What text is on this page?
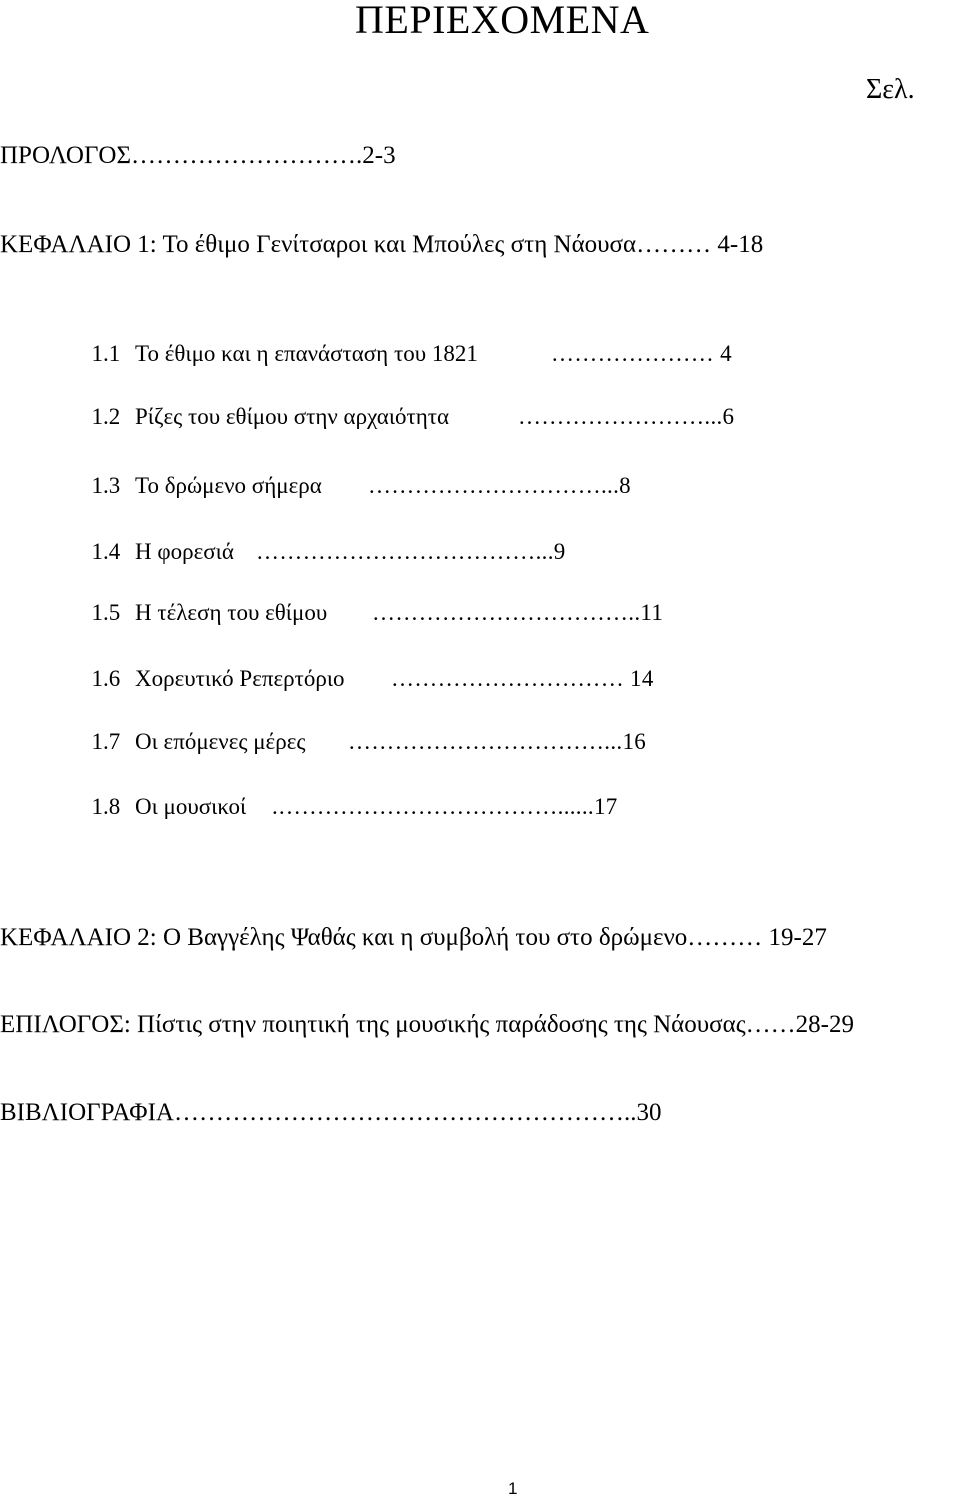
ΠΕΡΙΕΧΟΜΕΝΑ
Σελ.
ΠΡΟΛΟΓΟΣ……………………….2-3
ΚΕΦΑΛΑΙΟ 1: Το έθιμο Γενίτσαροι και Μπούλες στη Νάουσα……… 4-18

1.1 Το έθιμο και η επανάσταση του 1821	………………… 4

1.2 Ρίζες του εθίμου στην αρχαιότητα	……………………...6

1.3 Το δρώμενο σήμερα …………………………...8

1.4 Η φορεσιά ………………………………...9

1.5 Η τέλεση του εθίμου ……………………………..11

1.6 Χορευτικό Ρεπερτόριο ………………………… 14

1.7 Οι επόμενες μέρες ……………………………...16

1.8 Οι μουσικοί .………………………………......17

ΚΕΦΑΛΑΙΟ 2: Ο Βαγγέλης Ψαθάς και η συμβολή του στο δρώμενο……… 19-27
ΕΠΙΛΟΓΟΣ: Πίστις στην ποιητική της μουσικής παράδοσης της Νάουσας……28-29
ΒΙΒΛΙΟΓΡΑΦΙΑ………………………………………………..30
1
